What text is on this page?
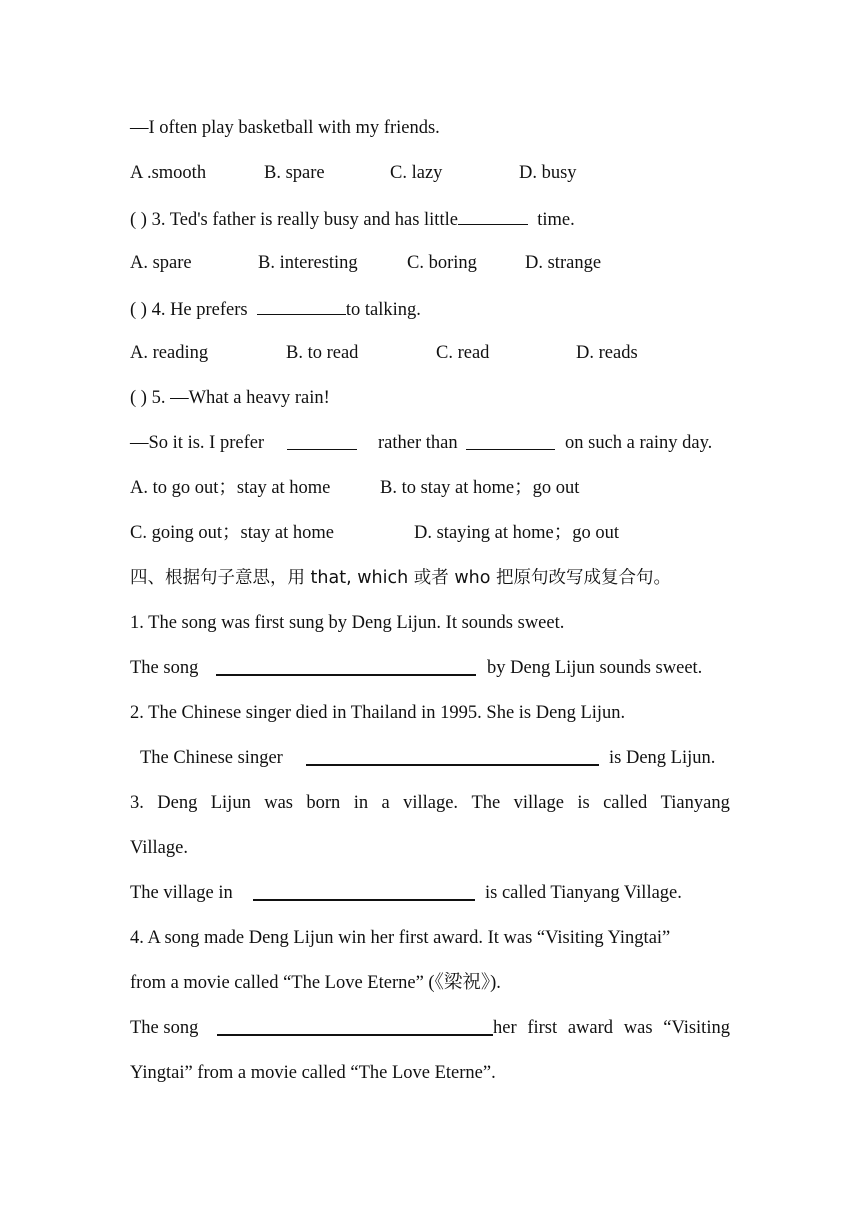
—I often play basketball with my friends.
A .smooth	B. spare	C. lazy	D. busy
( ) 3. Ted's father is really busy and has little	time.
A. spare	B. interesting	C. boring	D. strange
( ) 4. He prefers	to talking.
A. reading	B. to read	C. read	D. reads
( ) 5. —What a heavy rain!
—So it is. I prefer	rather than	on such a rainy day.
A. to go out；stay at home	B. to stay at home；go out
C. going out；stay at home	D. staying at home；go out
四、根据句子意思，用 that, which 或者 who 把原句改写成复合句。
1. The song was first sung by Deng Lijun. It sounds sweet.
The song	by Deng Lijun sounds sweet.
2. The Chinese singer died in Thailand in 1995. She is Deng Lijun.
The Chinese singer	is Deng Lijun.
3. Deng Lijun was born in a village. The village is called Tianyang
Village.
The village in	is called Tianyang Village.
4. A song made Deng Lijun win her first award. It was “Visiting Yingtai”
from a movie called “The Love Eterne” (《梁祝》).
The song	her first award was “Visiting
Yingtai” from a movie called “The Love Eterne”.
